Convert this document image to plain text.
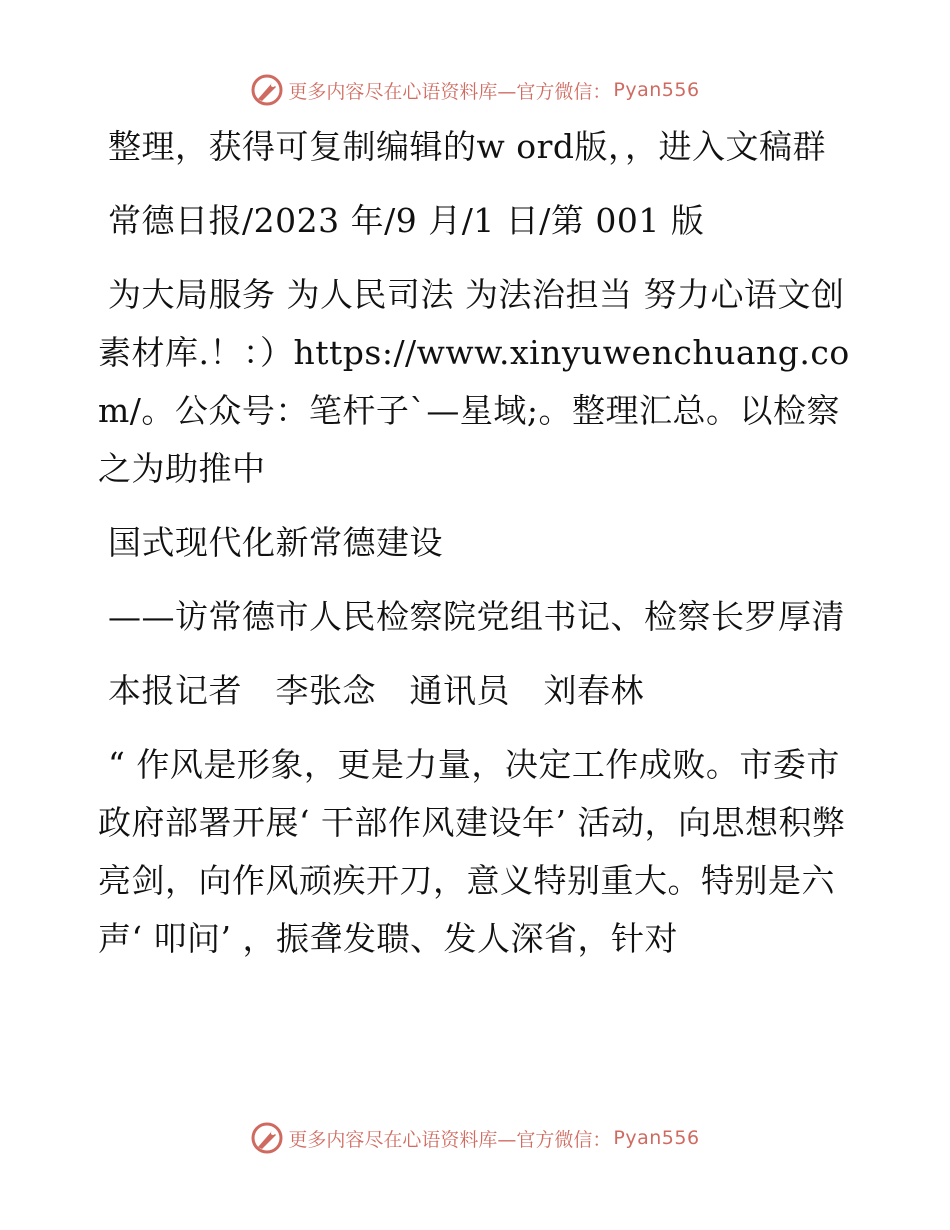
更多内容尽在心语资料库—官方微信： Pyan556

整理，获得可复制编辑的w ord版，，进入文稿群

常德日报/2023 年/9 月/1 日/第 001 版

为大局服务 为人民司法 为法治担当 努力心语文创素材库.！：）https://www.xinyuwenchuang.com/。公众号：笔杆子`—星域;。整理汇总。以检察之为助推中

国式现代化新常德建设

——访常德市人民检察院党组书记、检察长罗厚清

本报记者　李张念　通讯员　刘春林

“ 作风是形象，更是力量，决定工作成败。市委市政府部署开展‘ 干部作风建设年’ 活动，向思想积弊亮剑，向作风顽疾开刀，意义特别重大。特别是六声‘ 叩问’ ，振聋发聩、发人深省，针对

更多内容尽在心语资料库—官方微信： Pyan556
